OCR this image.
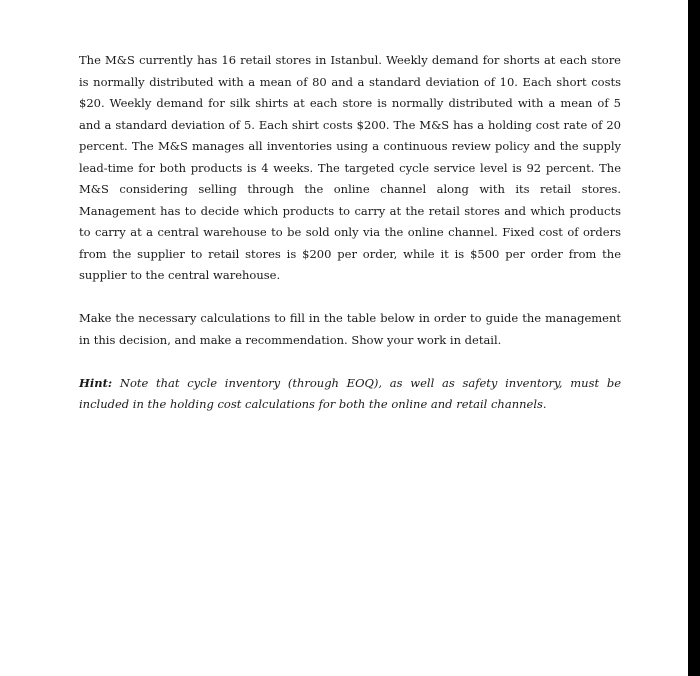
The M&S currently has 16 retail stores in Istanbul. Weekly demand for shorts at each store is normally distributed with a mean of 80 and a standard deviation of 10. Each short costs $20. Weekly demand for silk shirts at each store is normally distributed with a mean of 5 and a standard deviation of 5. Each shirt costs $200. The M&S has a holding cost rate of 20 percent. The M&S manages all inventories using a continuous review policy and the supply lead-time for both products is 4 weeks. The targeted cycle service level is 92 percent. The M&S considering selling through the online channel along with its retail stores. Management has to decide which products to carry at the retail stores and which products to carry at a central warehouse to be sold only via the online channel. Fixed cost of orders from the supplier to retail stores is $200 per order, while it is $500 per order from the supplier to the central warehouse.

Make the necessary calculations to fill in the table below in order to guide the management in this decision, and make a recommendation. Show your work in detail.

Hint: Note that cycle inventory (through EOQ), as well as safety inventory, must be included in the holding cost calculations for both the online and retail channels.
